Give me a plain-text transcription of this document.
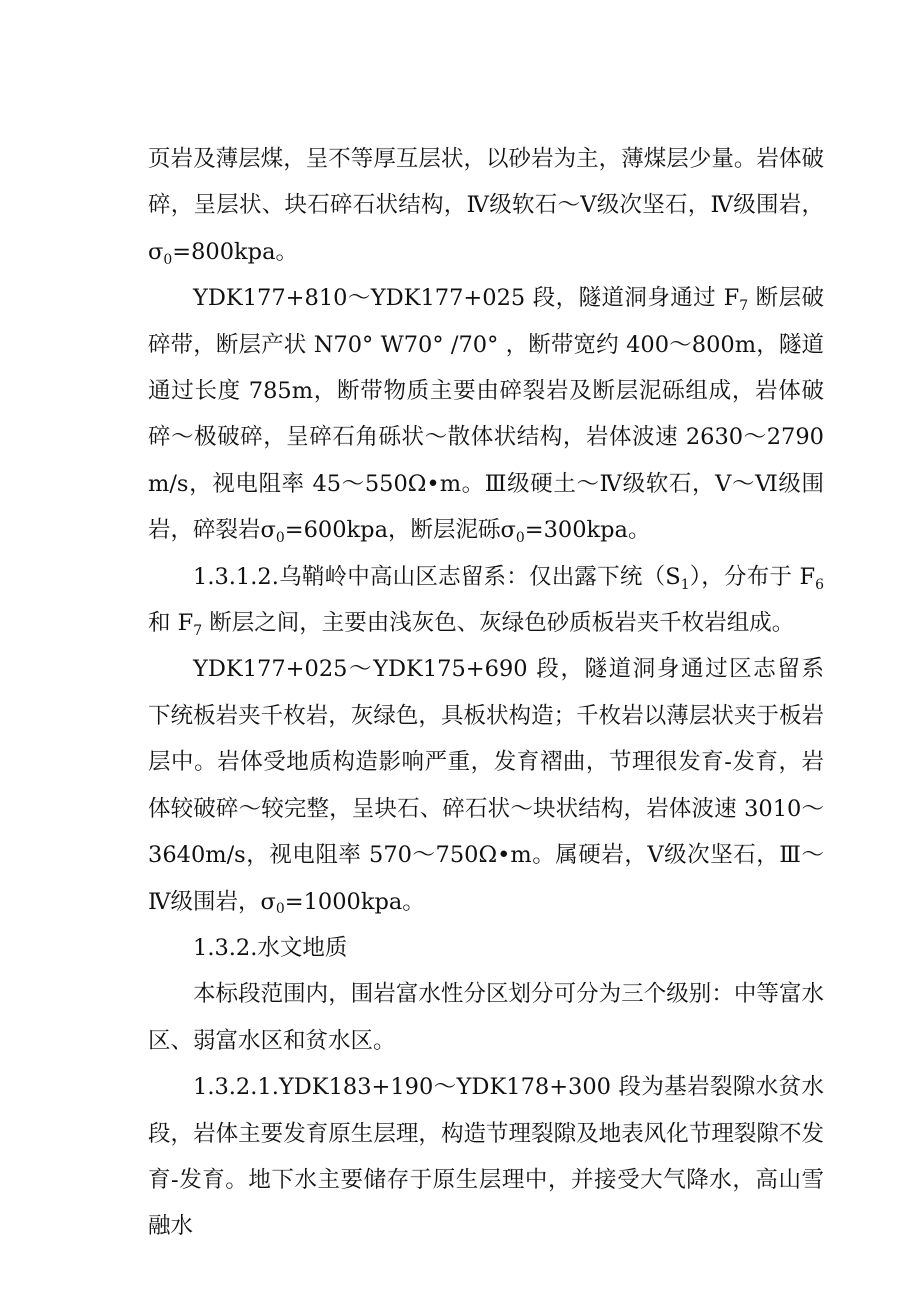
页岩及薄层煤，呈不等厚互层状，以砂岩为主，薄煤层少量。岩体破碎，呈层状、块石碎石状结构，Ⅳ级软石～Ⅴ级次坚石，Ⅳ级围岩，$\sigma_0=800kpa$。

YDK177+810～YDK177+025 段，隧道洞身通过 $F_7$ 断层破碎带，断层产状 N70° W70° /70° ，断带宽约 400～800m，隧道通过长度 785m，断带物质主要由碎裂岩及断层泥砾组成，岩体破碎～极破碎，呈碎石角砾状～散体状结构，岩体波速 2630～2790m/s，视电阻率 45～550Ω•m。Ⅲ级硬土～Ⅳ级软石，Ⅴ～Ⅵ级围岩，碎裂岩$\sigma_0=600kpa$，断层泥砾$\sigma_0=300kpa$。

1.3.1.2.乌鞘岭中高山区志留系：仅出露下统$(S_1)$，分布于 $F_6$ 和 $F_7$ 断层之间，主要由浅灰色、灰绿色砂质板岩夹千枚岩组成。

YDK177+025～YDK175+690 段，隧道洞身通过区志留系下统板岩夹千枚岩，灰绿色，具板状构造；千枚岩以薄层状夹于板岩层中。岩体受地质构造影响严重，发育褶曲，节理很发育-发育，岩体较破碎～较完整，呈块石、碎石状～块状结构，岩体波速 3010～3640m/s，视电阻率 570～750Ω•m。属硬岩，Ⅴ级次坚石，Ⅲ～Ⅳ级围岩，$\sigma_0=1000kpa$。

1.3.2.水文地质

本标段范围内，围岩富水性分区划分可分为三个级别：中等富水区、弱富水区和贫水区。

1.3.2.1.YDK183+190～YDK178+300 段为基岩裂隙水贫水段，岩体主要发育原生层理，构造节理裂隙及地表风化节理裂隙不发育-发育。地下水主要储存于原生层理中，并接受大气降水，高山雪融水
